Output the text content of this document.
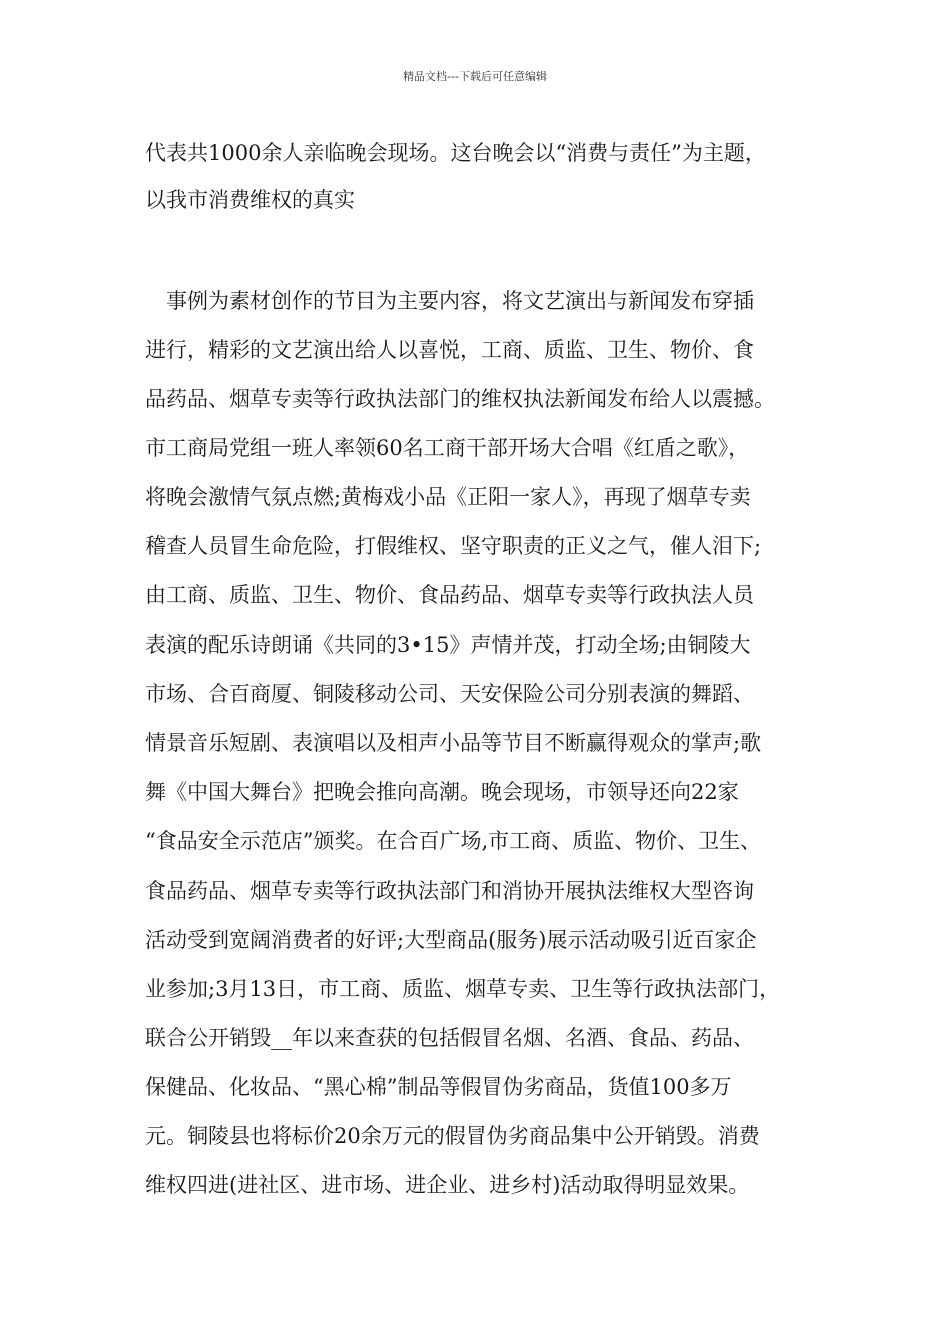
精品文档---下载后可任意编辑
代表共1000余人亲临晚会现场。这台晚会以“消费与责任”为主题，
以我市消费维权的真实
　事例为素材创作的节目为主要内容，将文艺演出与新闻发布穿插
进行，精彩的文艺演出给人以喜悦，工商、质监、卫生、物价、食
品药品、烟草专卖等行政执法部门的维权执法新闻发布给人以震撼。
市工商局党组一班人率领60名工商干部开场大合唱《红盾之歌》，
将晚会激情气氛点燃;黄梅戏小品《正阳一家人》，再现了烟草专卖
稽查人员冒生命危险，打假维权、坚守职责的正义之气，催人泪下;
由工商、质监、卫生、物价、食品药品、烟草专卖等行政执法人员
表演的配乐诗朗诵《共同的3•15》声情并茂，打动全场;由铜陵大
市场、合百商厦、铜陵移动公司、天安保险公司分别表演的舞蹈、
情景音乐短剧、表演唱以及相声小品等节目不断赢得观众的掌声;歌
舞《中国大舞台》把晚会推向高潮。晚会现场，市领导还向22家
“食品安全示范店”颁奖。在合百广场,市工商、质监、物价、卫生、
食品药品、烟草专卖等行政执法部门和消协开展执法维权大型咨询
活动受到宽阔消费者的好评;大型商品(服务)展示活动吸引近百家企
业参加;3月13日，市工商、质监、烟草专卖、卫生等行政执法部门，
联合公开销毁__年以来查获的包括假冒名烟、名酒、食品、药品、
保健品、化妆品、“黑心棉”制品等假冒伪劣商品，货值100多万
元。铜陵县也将标价20余万元的假冒伪劣商品集中公开销毁。消费
维权四进(进社区、进市场、进企业、进乡村)活动取得明显效果。
